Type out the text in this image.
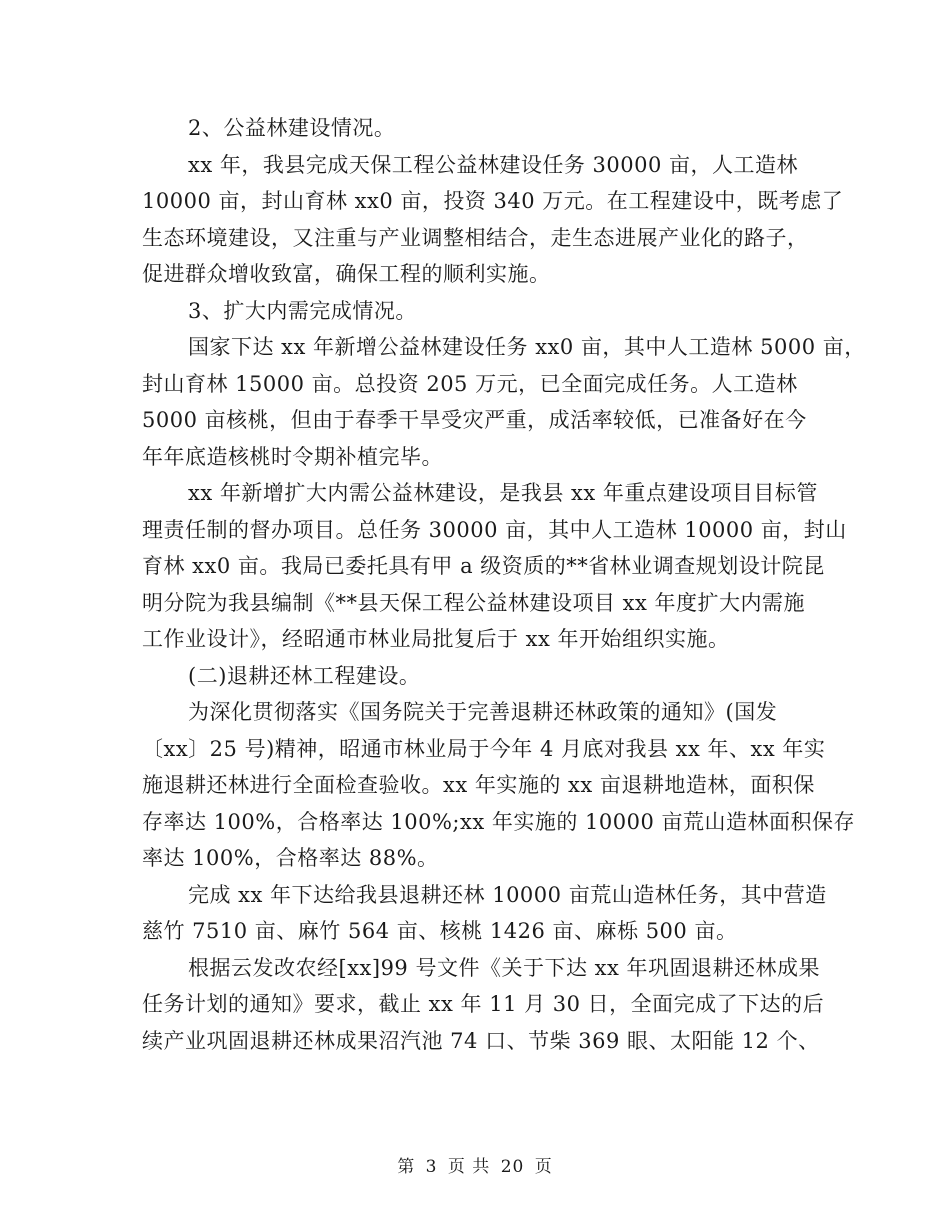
2、公益林建设情况。
xx 年，我县完成天保工程公益林建设任务 30000 亩，人工造林
10000 亩，封山育林 xx0 亩，投资 340 万元。在工程建设中，既考虑了
生态环境建设，又注重与产业调整相结合，走生态进展产业化的路子，
促进群众增收致富，确保工程的顺利实施。
3、扩大内需完成情况。
国家下达 xx 年新增公益林建设任务 xx0 亩，其中人工造林 5000 亩，
封山育林 15000 亩。总投资 205 万元，已全面完成任务。人工造林
5000 亩核桃，但由于春季干旱受灾严重，成活率较低，已准备好在今
年年底造核桃时令期补植完毕。
xx 年新增扩大内需公益林建设，是我县 xx 年重点建设项目目标管
理责任制的督办项目。总任务 30000 亩，其中人工造林 10000 亩，封山
育林 xx0 亩。我局已委托具有甲 a 级资质的**省林业调查规划设计院昆
明分院为我县编制《**县天保工程公益林建设项目 xx 年度扩大内需施
工作业设计》，经昭通市林业局批复后于 xx 年开始组织实施。
(二)退耕还林工程建设。
为深化贯彻落实《国务院关于完善退耕还林政策的通知》(国发
〔xx〕25 号)精神，昭通市林业局于今年 4 月底对我县 xx 年、xx 年实
施退耕还林进行全面检查验收。xx 年实施的 xx 亩退耕地造林，面积保
存率达 100%，合格率达 100%;xx 年实施的 10000 亩荒山造林面积保存
率达 100%，合格率达 88%。
完成 xx 年下达给我县退耕还林 10000 亩荒山造林任务，其中营造
慈竹 7510 亩、麻竹 564 亩、核桃 1426 亩、麻栎 500 亩。
根据云发改农经[xx]99 号文件《关于下达 xx 年巩固退耕还林成果
任务计划的通知》要求，截止 xx 年 11 月 30 日，全面完成了下达的后
续产业巩固退耕还林成果沼汽池 74 口、节柴 369 眼、太阳能 12 个、
第 3 页 共 20 页
